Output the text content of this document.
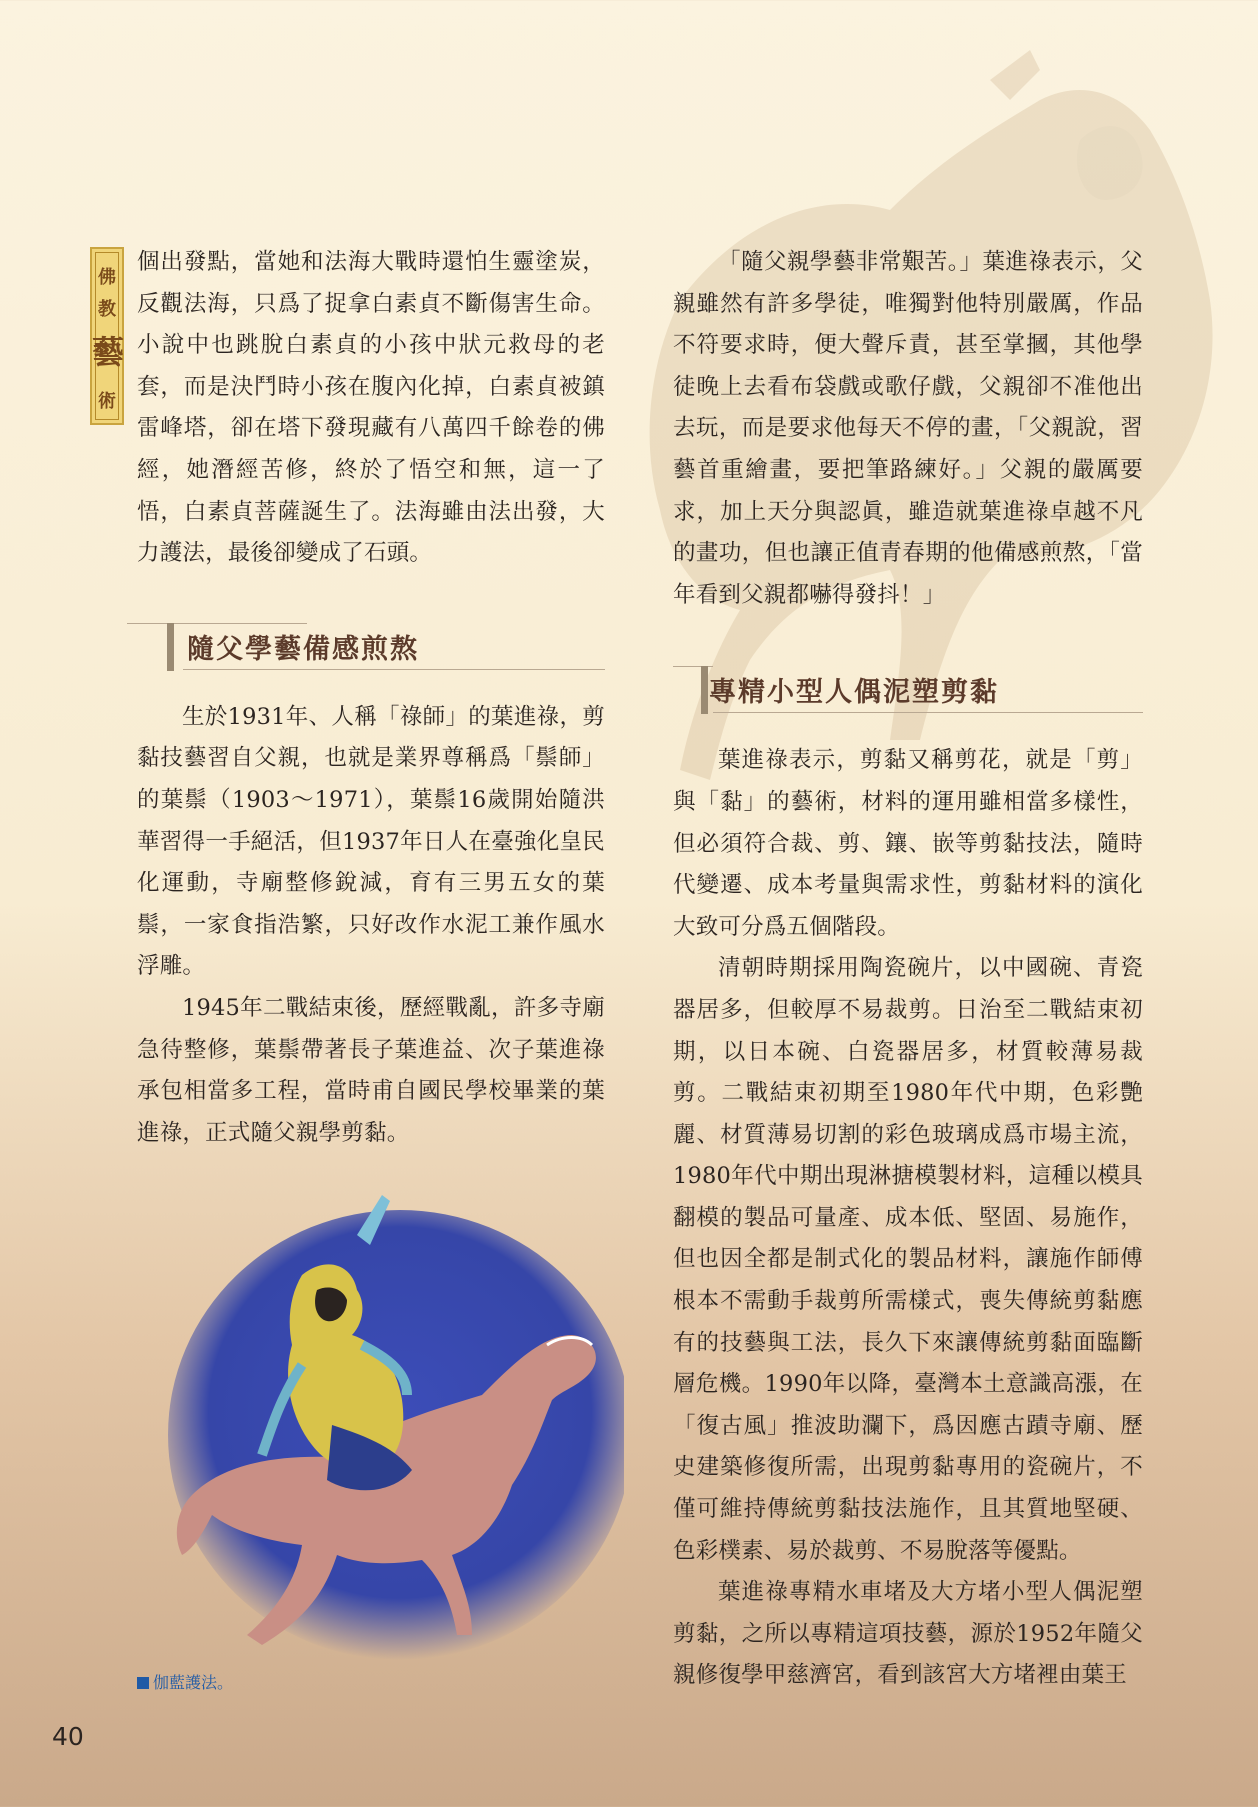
佛
教
藝
術

個出發點，當她和法海大戰時還怕生靈塗炭，反觀法海，只爲了捉拿白素貞不斷傷害生命。小說中也跳脫白素貞的小孩中狀元救母的老套，而是決鬥時小孩在腹內化掉，白素貞被鎮雷峰塔，卻在塔下發現藏有八萬四千餘卷的佛經，她潛經苦修，終於了悟空和無，這一了悟，白素貞菩薩誕生了。法海雖由法出發，大力護法，最後卻變成了石頭。

隨父學藝備感煎熬

生於1931年、人稱「祿師」的葉進祿，剪黏技藝習自父親，也就是業界尊稱爲「鬃師」的葉鬃（1903～1971），葉鬃16歲開始隨洪華習得一手絕活，但1937年日人在臺強化皇民化運動，寺廟整修銳減，育有三男五女的葉鬃，一家食指浩繁，只好改作水泥工兼作風水浮雕。

1945年二戰結束後，歷經戰亂，許多寺廟急待整修，葉鬃帶著長子葉進益、次子葉進祿承包相當多工程，當時甫自國民學校畢業的葉進祿，正式隨父親學剪黏。

「隨父親學藝非常艱苦。」葉進祿表示，父親雖然有許多學徒，唯獨對他特別嚴厲，作品不符要求時，便大聲斥責，甚至掌摑，其他學徒晚上去看布袋戲或歌仔戲，父親卻不准他出去玩，而是要求他每天不停的畫，「父親說，習藝首重繪畫，要把筆路練好。」父親的嚴厲要求，加上天分與認眞，雖造就葉進祿卓越不凡的畫功，但也讓正值青春期的他備感煎熬，「當年看到父親都嚇得發抖！」

專精小型人偶泥塑剪黏

葉進祿表示，剪黏又稱剪花，就是「剪」與「黏」的藝術，材料的運用雖相當多樣性，但必須符合裁、剪、鑲、嵌等剪黏技法，隨時代變遷、成本考量與需求性，剪黏材料的演化大致可分爲五個階段。

清朝時期採用陶瓷碗片，以中國碗、青瓷器居多，但較厚不易裁剪。日治至二戰結束初期，以日本碗、白瓷器居多，材質較薄易裁剪。二戰結束初期至1980年代中期，色彩艷麗、材質薄易切割的彩色玻璃成爲市場主流，1980年代中期出現淋搪模製材料，這種以模具翻模的製品可量產、成本低、堅固、易施作，但也因全都是制式化的製品材料，讓施作師傅根本不需動手裁剪所需樣式，喪失傳統剪黏應有的技藝與工法，長久下來讓傳統剪黏面臨斷層危機。1990年以降，臺灣本土意識高漲，在「復古風」推波助瀾下，爲因應古蹟寺廟、歷史建築修復所需，出現剪黏專用的瓷碗片，不僅可維持傳統剪黏技法施作，且其質地堅硬、色彩樸素、易於裁剪、不易脫落等優點。

葉進祿專精水車堵及大方堵小型人偶泥塑剪黏，之所以專精這項技藝，源於1952年隨父親修復學甲慈濟宮，看到該宮大方堵裡由葉王

伽藍護法。
40
